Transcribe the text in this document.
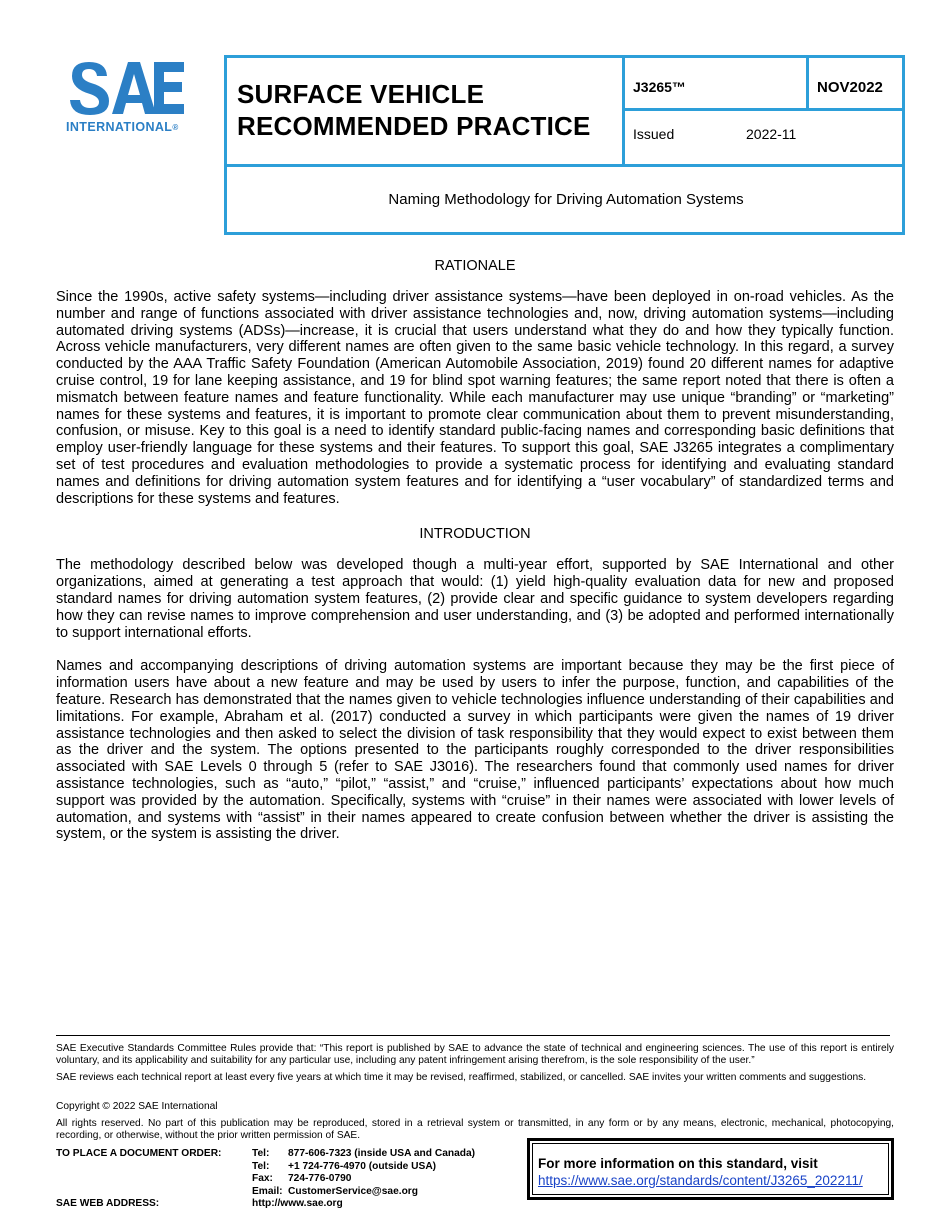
INTERNATIONAL®
SURFACE VEHICLE
RECOMMENDED PRACTICE
J3265™	NOV2022
Issued	2022-11
Naming Methodology for Driving Automation Systems

RATIONALE

Since the 1990s, active safety systems—including driver assistance systems—have been deployed in on-road vehicles. As the number and range of functions associated with driver assistance technologies and, now, driving automation systems—including automated driving systems (ADSs)—increase, it is crucial that users understand what they do and how they typically function. Across vehicle manufacturers, very different names are often given to the same basic vehicle technology. In this regard, a survey conducted by the AAA Traffic Safety Foundation (American Automobile Association, 2019) found 20 different names for adaptive cruise control, 19 for lane keeping assistance, and 19 for blind spot warning features; the same report noted that there is often a mismatch between feature names and feature functionality. While each manufacturer may use unique “branding” or “marketing” names for these systems and features, it is important to promote clear communication about them to prevent misunderstanding, confusion, or misuse. Key to this goal is a need to identify standard public-facing names and corresponding basic definitions that employ user-friendly language for these systems and their features. To support this goal, SAE J3265 integrates a complimentary set of test procedures and evaluation methodologies to provide a systematic process for identifying and evaluating standard names and definitions for driving automation system features and for identifying a “user vocabulary” of standardized terms and descriptions for these systems and features.

INTRODUCTION

The methodology described below was developed though a multi-year effort, supported by SAE International and other organizations, aimed at generating a test approach that would: (1) yield high-quality evaluation data for new and proposed standard names for driving automation system features, (2) provide clear and specific guidance to system developers regarding how they can revise names to improve comprehension and user understanding, and (3) be adopted and performed internationally to support international efforts.

Names and accompanying descriptions of driving automation systems are important because they may be the first piece of information users have about a new feature and may be used by users to infer the purpose, function, and capabilities of the feature. Research has demonstrated that the names given to vehicle technologies influence understanding of their capabilities and limitations. For example, Abraham et al. (2017) conducted a survey in which participants were given the names of 19 driver assistance technologies and then asked to select the division of task responsibility that they would expect to exist between them as the driver and the system. The options presented to the participants roughly corresponded to the driver responsibilities associated with SAE Levels 0 through 5 (refer to SAE J3016). The researchers found that commonly used names for driver assistance technologies, such as “auto,” “pilot,” “assist,” and “cruise,” influenced participants’ expectations about how much support was provided by the automation. Specifically, systems with “cruise” in their names were associated with lower levels of automation, and systems with “assist” in their names appeared to create confusion between whether the driver is assisting the system, or the system is assisting the driver.

SAE Executive Standards Committee Rules provide that: “This report is published by SAE to advance the state of technical and engineering sciences. The use of this report is entirely voluntary, and its applicability and suitability for any particular use, including any patent infringement arising therefrom, is the sole responsibility of the user.”

SAE reviews each technical report at least every five years at which time it may be revised, reaffirmed, stabilized, or cancelled. SAE invites your written comments and suggestions.

Copyright © 2022 SAE International

All rights reserved. No part of this publication may be reproduced, stored in a retrieval system or transmitted, in any form or by any means, electronic, mechanical, photocopying, recording, or otherwise, without the prior written permission of SAE.

TO PLACE A DOCUMENT ORDER:	Tel: 877-606-7323 (inside USA and Canada)
Tel: +1 724-776-4970 (outside USA)
Fax: 724-776-0790
Email: CustomerService@sae.org
SAE WEB ADDRESS:	http://www.sae.org
For more information on this standard, visit
https://www.sae.org/standards/content/J3265_202211/
